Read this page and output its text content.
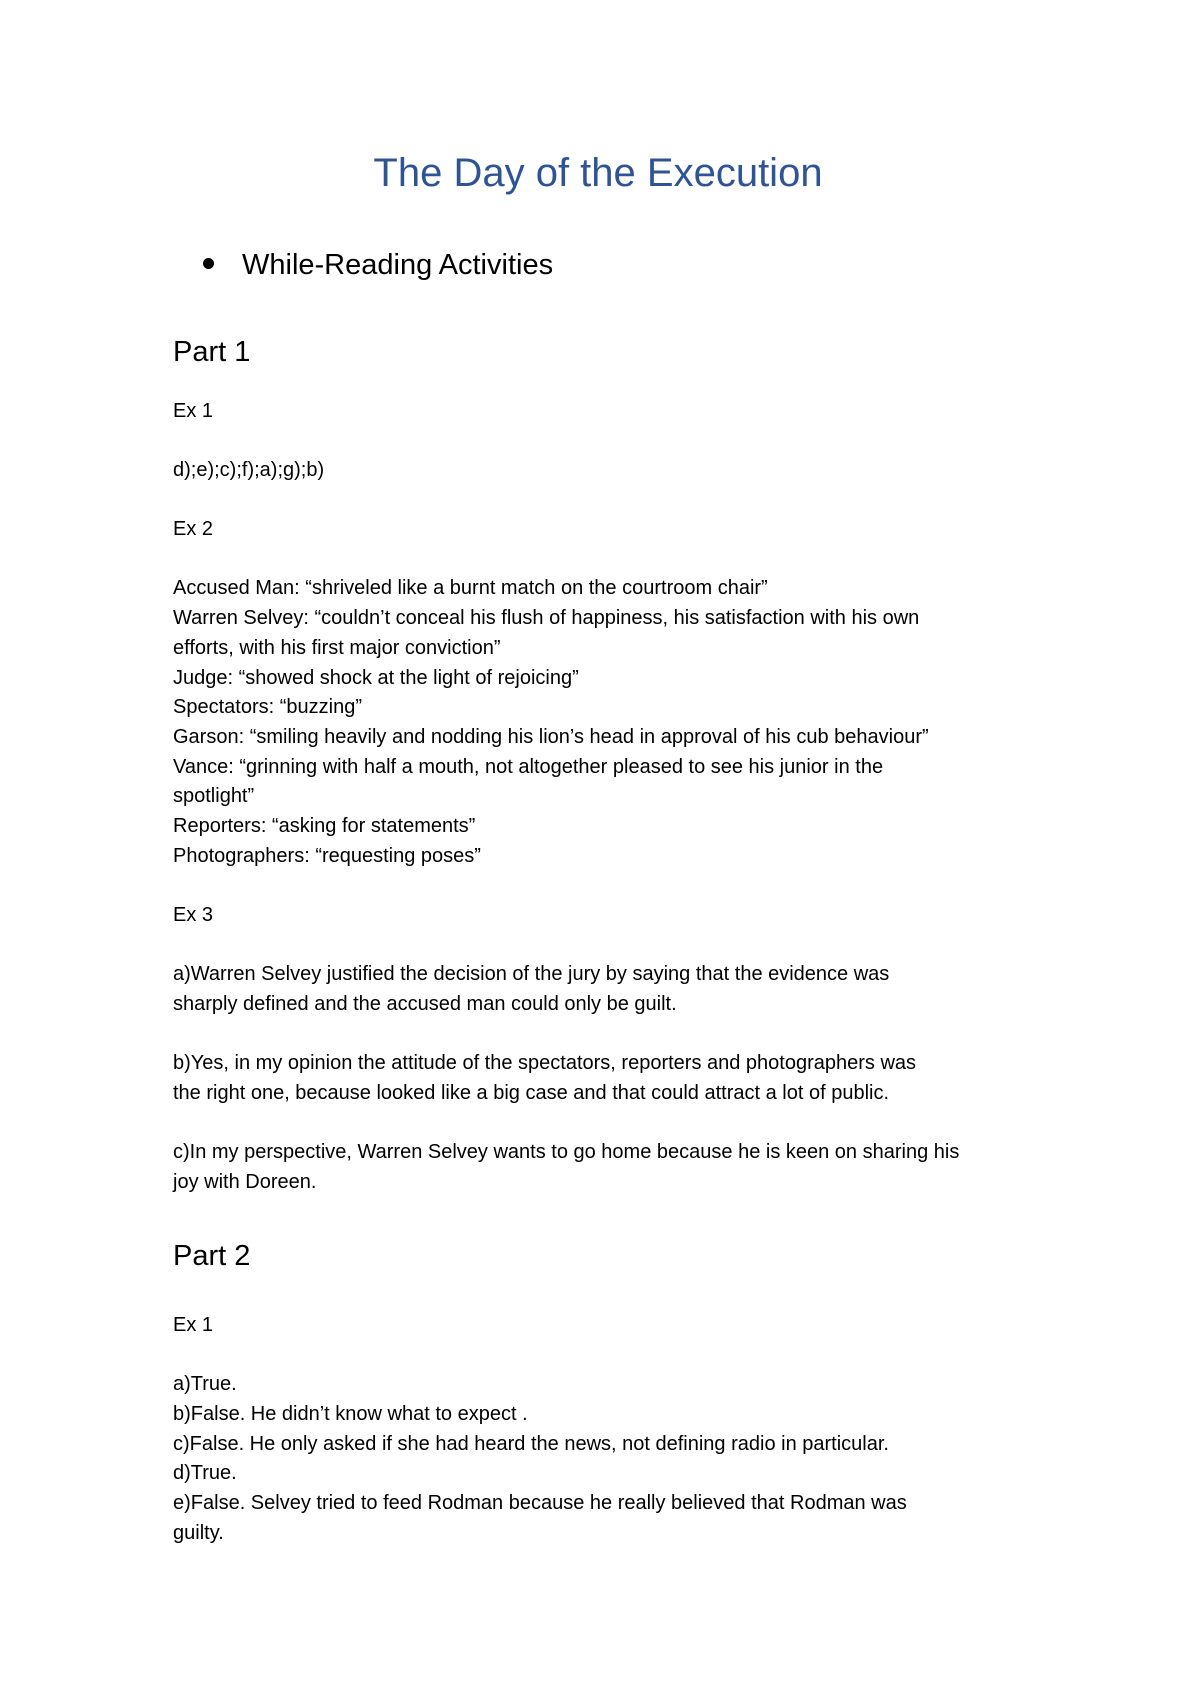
The Day of the Execution
While-Reading Activities
Part 1
Ex 1
d);e);c);f);a);g);b)
Ex 2
Accused Man: “shriveled like a burnt match on the courtroom chair”
Warren Selvey: “couldn’t conceal his flush of happiness, his satisfaction with his own
efforts, with his first major conviction”
Judge: “showed shock at the light of rejoicing”
Spectators: “buzzing”
Garson: “smiling heavily and nodding his lion’s head in approval of his cub behaviour”
Vance: “grinning with half a mouth, not altogether pleased to see his junior in the
spotlight”
Reporters: “asking for statements”
Photographers: “requesting poses”
Ex 3
a)Warren Selvey justified the decision of the jury by saying that the evidence was
sharply defined and the accused man could only be guilt.
b)Yes, in my opinion the attitude of the spectators, reporters and photographers was
the right one, because looked like a big case and that could attract a lot of public.
c)In my perspective, Warren Selvey wants to go home because he is keen on sharing his
joy with Doreen.
Part 2
Ex 1
a)True.
b)False. He didn’t know what to expect .
c)False. He only asked if she had heard the news, not defining radio in particular.
d)True.
e)False. Selvey tried to feed Rodman because he really believed that Rodman was
guilty.
